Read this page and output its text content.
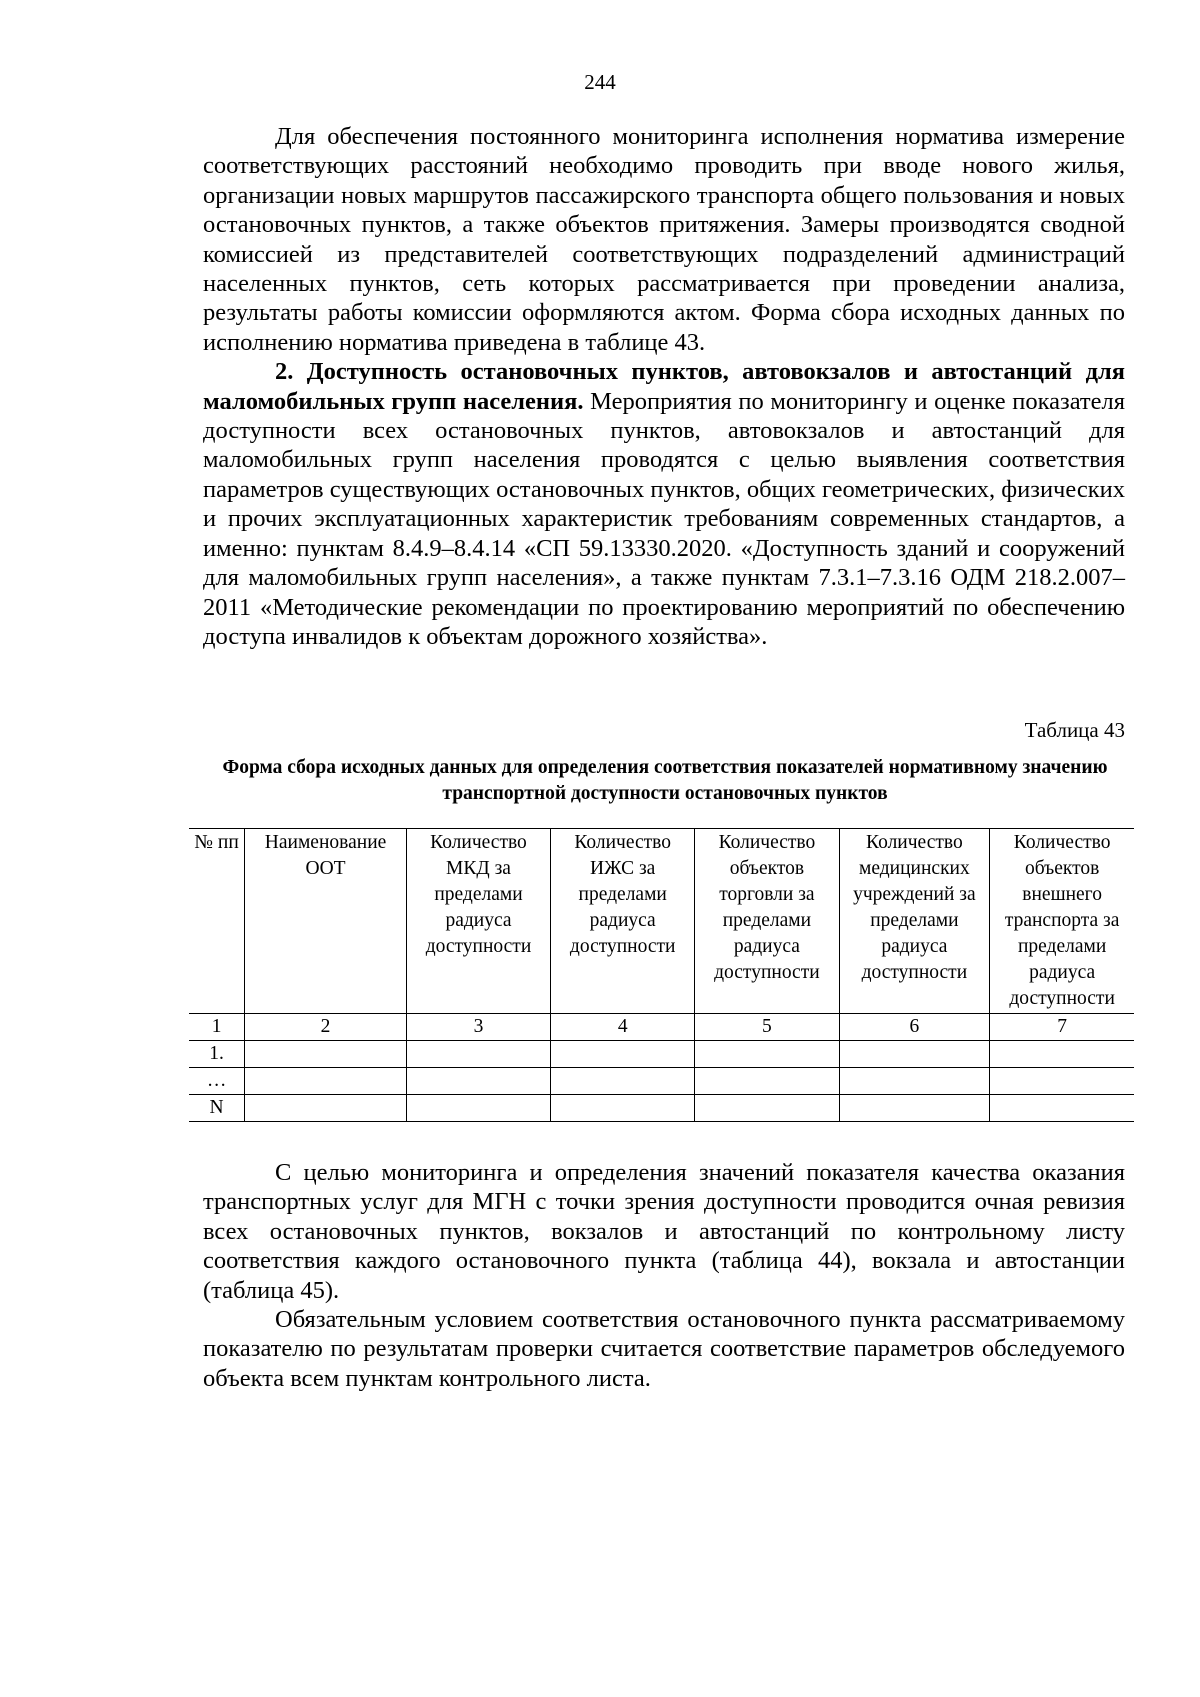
244

Для обеспечения постоянного мониторинга исполнения норматива измерение соответствующих расстояний необходимо проводить при вводе нового жилья, организации новых маршрутов пассажирского транспорта общего пользования и новых остановочных пунктов, а также объектов притяжения. Замеры производятся сводной комиссией из представителей соответствующих подразделений администраций населенных пунктов, сеть которых рассматривается при проведении анализа, результаты работы комиссии оформляются актом. Форма сбора исходных данных по исполнению норматива приведена в таблице 43.

2. Доступность остановочных пунктов, автовокзалов и автостанций для маломобильных групп населения. Мероприятия по мониторингу и оценке показателя доступности всех остановочных пунктов, автовокзалов и автостанций для маломобильных групп населения проводятся с целью выявления соответствия параметров существующих остановочных пунктов, общих геометрических, физических и прочих эксплуатационных характеристик требованиям современных стандартов, а именно: пунктам 8.4.9–8.4.14 «СП 59.13330.2020. «Доступность зданий и сооружений для маломобильных групп населения», а также пунктам 7.3.1–7.3.16 ОДМ 218.2.007–2011 «Методические рекомендации по проектированию мероприятий по обеспечению доступа инвалидов к объектам дорожного хозяйства».

Таблица 43
Форма сбора исходных данных для определения соответствия показателей нормативному значению транспортной доступности остановочных пунктов
№ пп	Наименование ООТ	Количество МКД за пределами радиуса доступности	Количество ИЖС за пределами радиуса доступности	Количество объектов торговли за пределами радиуса доступности	Количество медицинских учреждений за пределами радиуса доступности	Количество объектов внешнего транспорта за пределами радиуса доступности
1	2	3	4	5	6	7
1.						
…						
N						

С целью мониторинга и определения значений показателя качества оказания транспортных услуг для МГН с точки зрения доступности проводится очная ревизия всех остановочных пунктов, вокзалов и автостанций по контрольному листу соответствия каждого остановочного пункта (таблица 44), вокзала и автостанции (таблица 45).

Обязательным условием соответствия остановочного пункта рассматриваемому показателю по результатам проверки считается соответствие параметров обследуемого объекта всем пунктам контрольного листа.
